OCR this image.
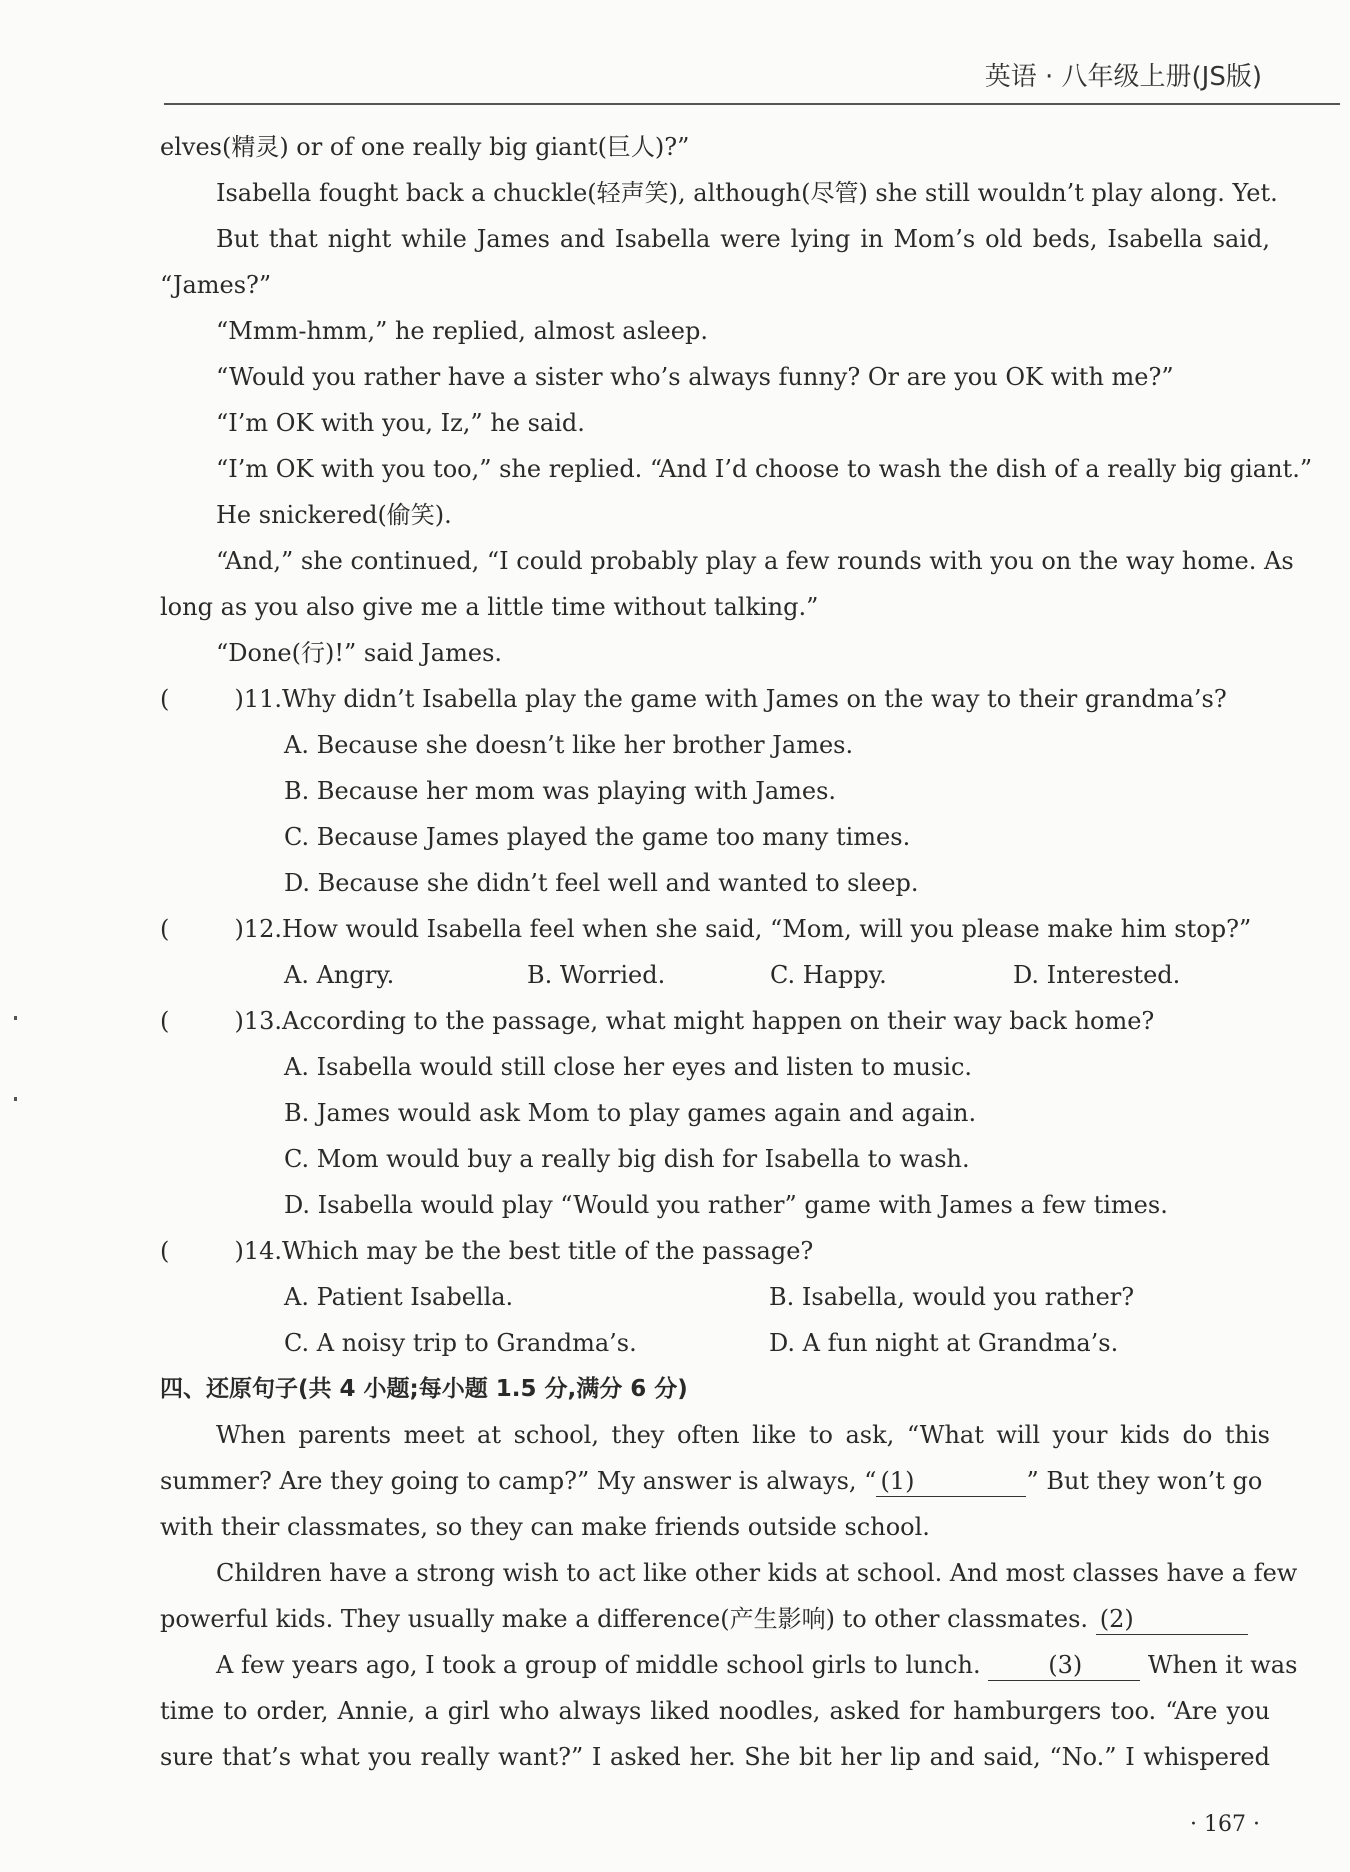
英语 · 八年级上册(JS版)
elves(精灵) or of one really big giant(巨人)?”
Isabella fought back a chuckle(轻声笑), although(尽管) she still wouldn’t play along. Yet.
But that night while James and Isabella were lying in Mom’s old beds, Isabella said,
“James?”
“Mmm-hmm,” he replied, almost asleep.
“Would you rather have a sister who’s always funny? Or are you OK with me?”
“I’m OK with you, Iz,” he said.
“I’m OK with you too,” she replied. “And I’d choose to wash the dish of a really big giant.”
He snickered(偷笑).
“And,” she continued, “I could probably play a few rounds with you on the way home. As
long as you also give me a little time without talking.”
“Done(行)!” said James.
(	)11. Why didn’t Isabella play the game with James on the way to their grandma’s?
A. Because she doesn’t like her brother James.
B. Because her mom was playing with James.
C. Because James played the game too many times.
D. Because she didn’t feel well and wanted to sleep.
(	)12. How would Isabella feel when she said, “Mom, will you please make him stop?”
A. Angry.	B. Worried.	C. Happy.	D. Interested.
(	)13. According to the passage, what might happen on their way back home?
A. Isabella would still close her eyes and listen to music.
B. James would ask Mom to play games again and again.
C. Mom would buy a really big dish for Isabella to wash.
D. Isabella would play “Would you rather” game with James a few times.
(	)14. Which may be the best title of the passage?
A. Patient Isabella.	B. Isabella, would you rather?
C. A noisy trip to Grandma’s.	D. A fun night at Grandma’s.
四、还原句子(共 4 小题;每小题 1.5 分,满分 6 分)
When parents meet at school, they often like to ask, “What will your kids do this
summer? Are they going to camp?” My answer is always, “ (1)	” But they won’t go
with their classmates, so they can make friends outside school.
Children have a strong wish to act like other kids at school. And most classes have a few
powerful kids. They usually make a difference(产生影响) to other classmates. (2)
A few years ago, I took a group of middle school girls to lunch.	(3)	When it was
time to order, Annie, a girl who always liked noodles, asked for hamburgers too. “Are you
sure that’s what you really want?” I asked her. She bit her lip and said, “No.” I whispered
· 167 ·
